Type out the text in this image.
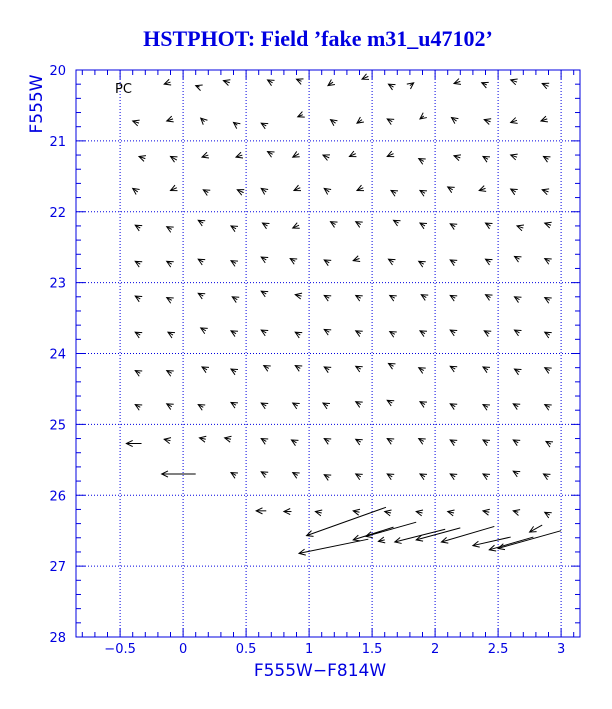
HSTPHOT: Field ’fake m31_u47102’
−0.5	0	0.5	1	1.5	2	2.5	3
20
21
22
23
24
25
26
27
28
F555W−F814W
F555W	PC
